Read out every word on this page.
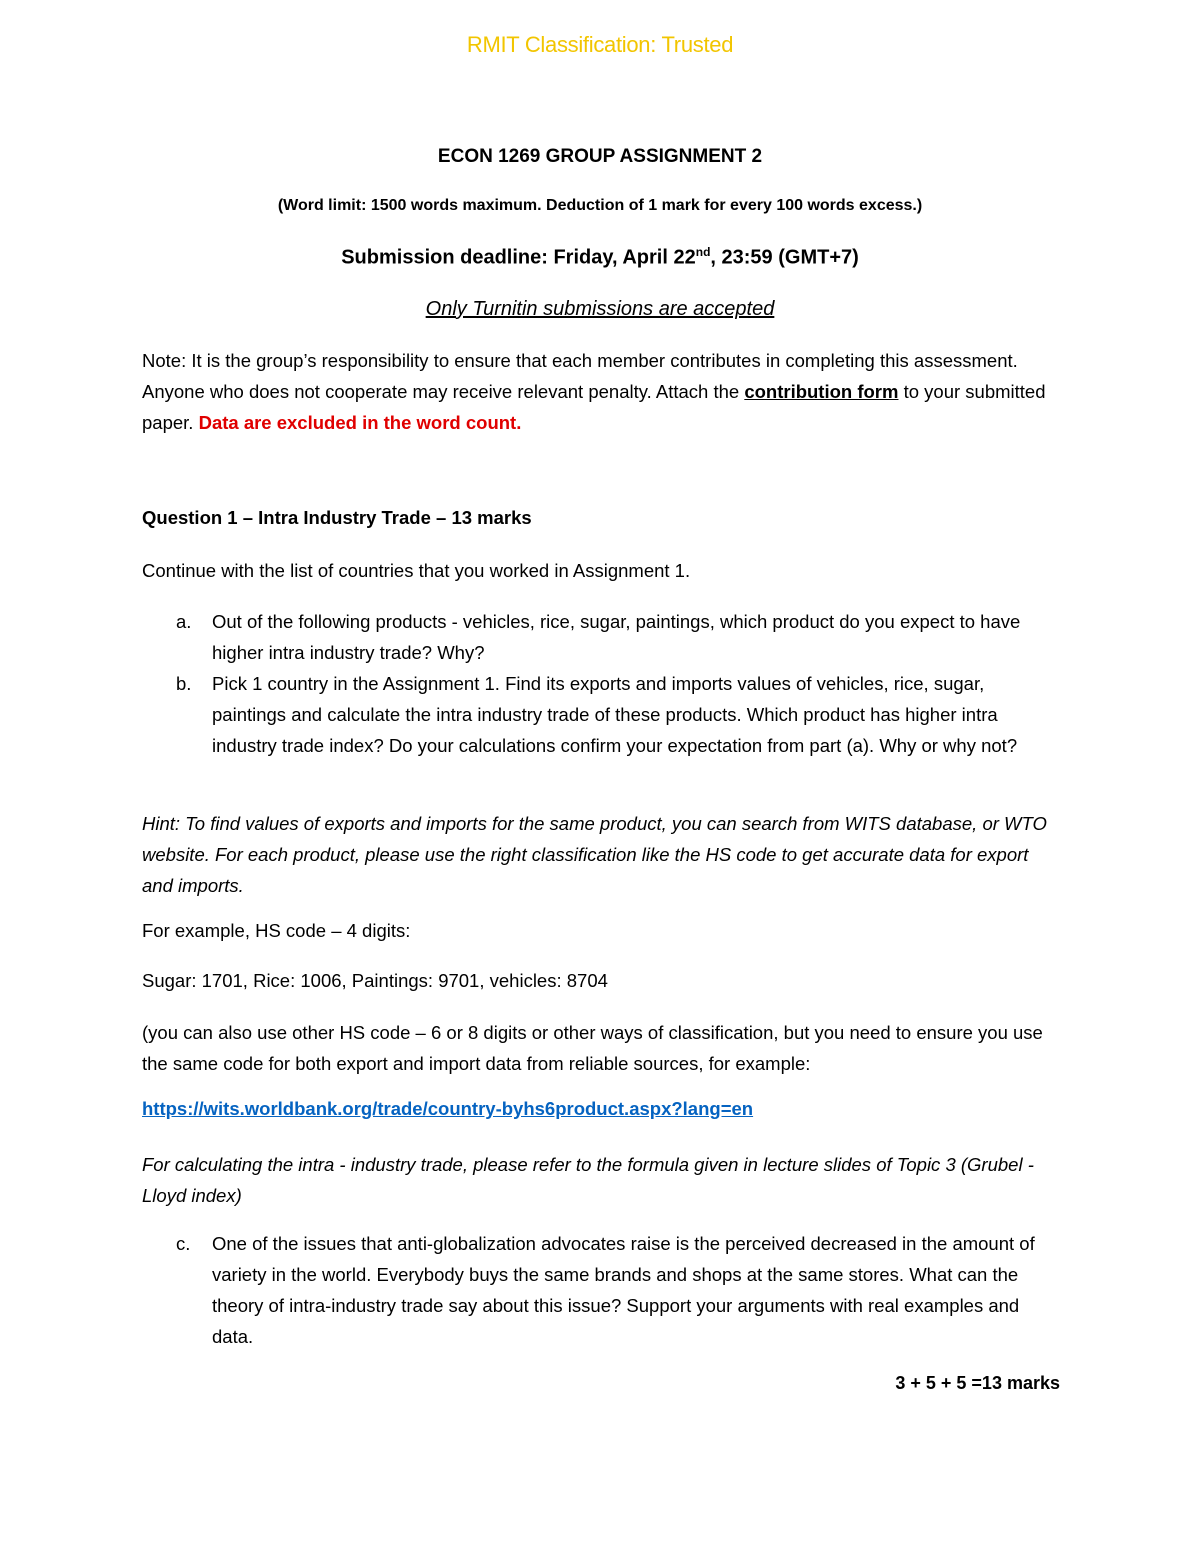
RMIT Classification: Trusted
ECON 1269 GROUP ASSIGNMENT 2
(Word limit: 1500 words maximum. Deduction of 1 mark for every 100 words excess.)
Submission deadline: Friday, April 22nd, 23:59 (GMT+7)
Only Turnitin submissions are accepted
Note: It is the group’s responsibility to ensure that each member contributes in completing this assessment. Anyone who does not cooperate may receive relevant penalty. Attach the contribution form to your submitted paper. Data are excluded in the word count.
Question 1 – Intra Industry Trade – 13 marks
Continue with the list of countries that you worked in Assignment 1.
a. Out of the following products - vehicles, rice, sugar, paintings, which product do you expect to have higher intra industry trade? Why?
b. Pick 1 country in the Assignment 1. Find its exports and imports values of vehicles, rice, sugar, paintings and calculate the intra industry trade of these products. Which product has higher intra industry trade index? Do your calculations confirm your expectation from part (a). Why or why not?
Hint: To find values of exports and imports for the same product, you can search from WITS database, or WTO website. For each product, please use the right classification like the HS code to get accurate data for export and imports.
For example, HS code – 4 digits:
Sugar: 1701, Rice: 1006, Paintings: 9701, vehicles: 8704
(you can also use other HS code – 6 or 8 digits or other ways of classification, but you need to ensure you use the same code for both export and import data from reliable sources, for example:
https://wits.worldbank.org/trade/country-byhs6product.aspx?lang=en
For calculating the intra - industry trade, please refer to the formula given in lecture slides of Topic 3 (Grubel - Lloyd index)
c. One of the issues that anti-globalization advocates raise is the perceived decreased in the amount of variety in the world. Everybody buys the same brands and shops at the same stores. What can the theory of intra-industry trade say about this issue? Support your arguments with real examples and data.
3 + 5 + 5 =13 marks
